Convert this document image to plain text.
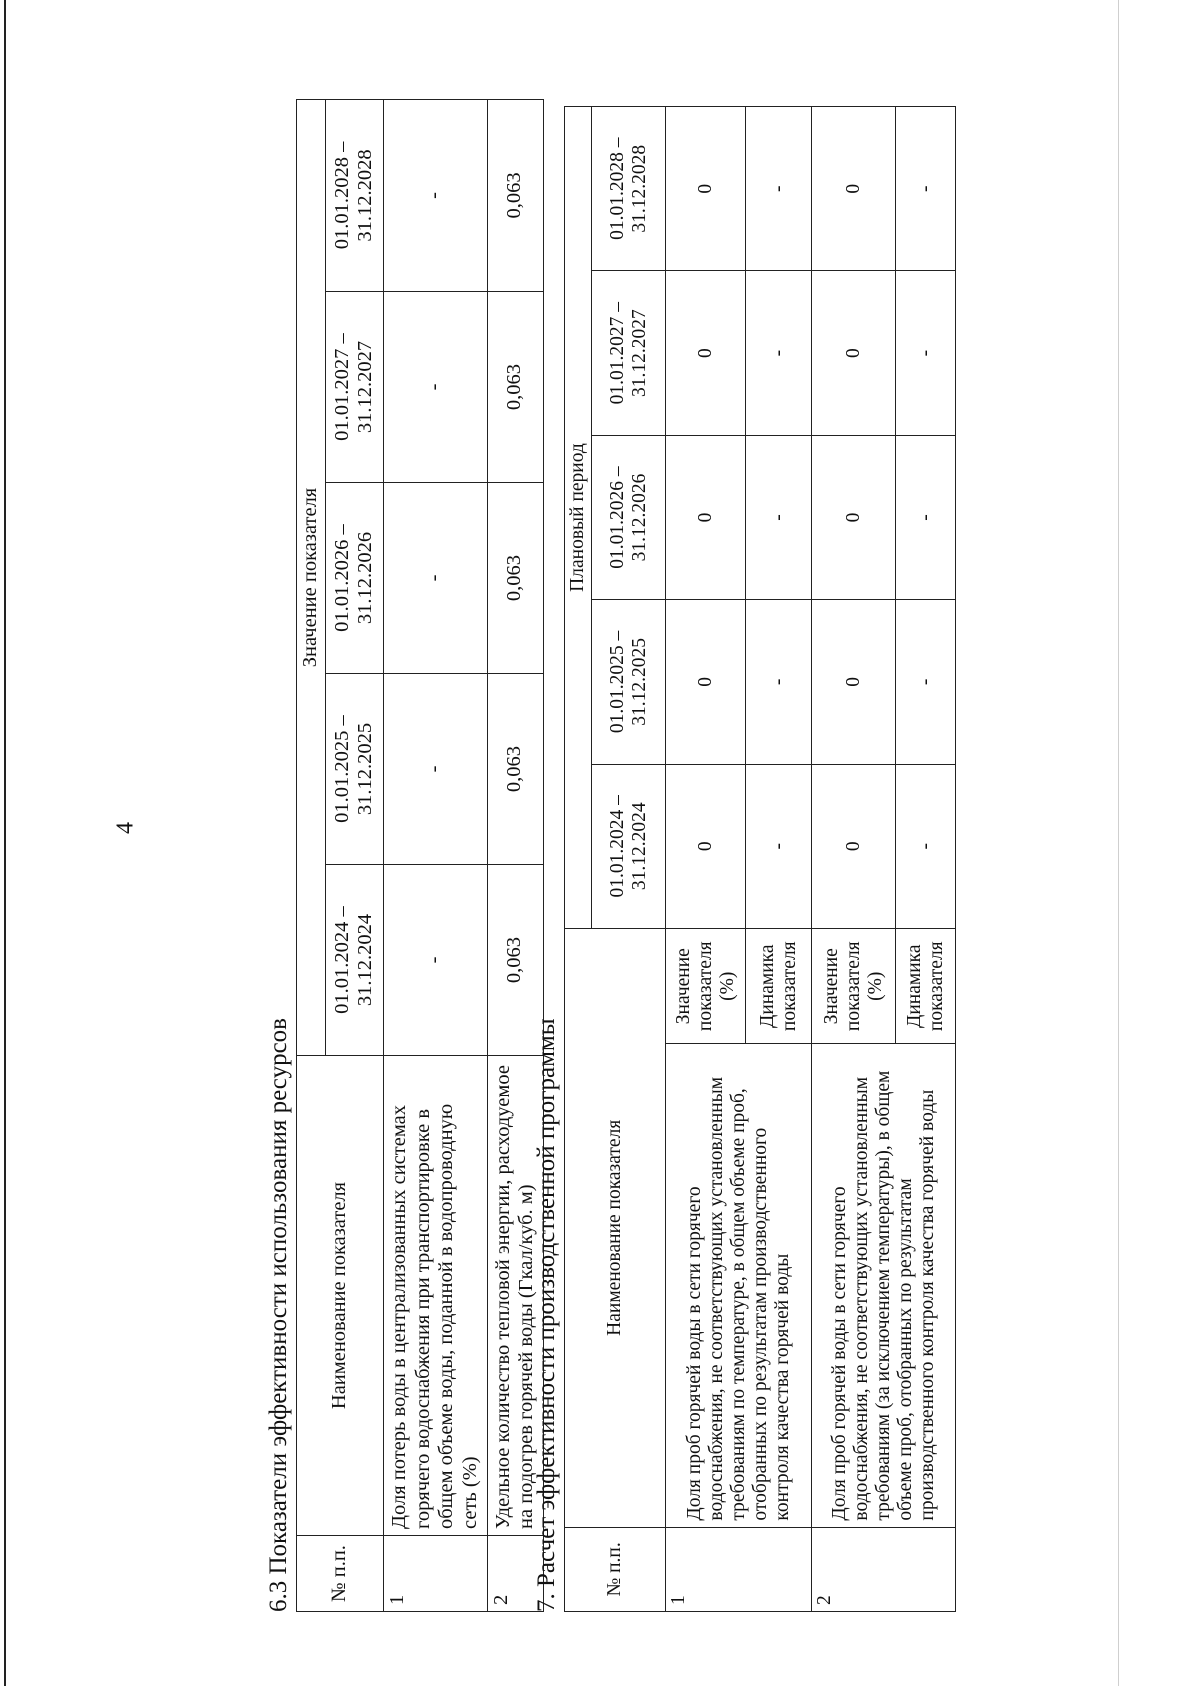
4
6.3 Показатели эффективности использования ресурсов № п.п.	Наименование показателя	Значение показателя				
		01.01.2024 – 31.12.2024	01.01.2025 – 31.12.2025	01.01.2026 – 31.12.2026	01.01.2027 – 31.12.2027	01.01.2028 – 31.12.2028
1	Доля потерь воды в централизованных системах горячего водоснабжения при транспортировке в общем объеме воды, поданной в водопроводную сеть (%)	-	-	-	-	-
2	Удельное количество тепловой энергии, расходуемое на подогрев горячей воды (Гкал/куб. м)	0,063	0,063	0,063	0,063	0,063
7. Расчет эффективности производственной программы № п.п.	Наименование показателя		Плановый период				
			01.01.2024 – 31.12.2024	01.01.2025 – 31.12.2025	01.01.2026 – 31.12.2026	01.01.2027 – 31.12.2027	01.01.2028 – 31.12.2028
1	Доля проб горячей воды в сети горячего водоснабжения, не соответствующих установленным требованиям по температуре, в общем объеме проб, отобранных по результатам производственного контроля качества горячей воды	Значение показателя (%)	0	0	0	0	0
		Динамика показателя	-	-	-	-	-
2	Доля проб горячей воды в сети горячего водоснабжения, не соответствующих установленным требованиям (за исключением температуры), в общем объеме проб, отобранных по результатам производственного контроля качества горячей воды	Значение показателя (%)	0	0	0	0	0
		Динамика показателя	-	-	-	-	-
